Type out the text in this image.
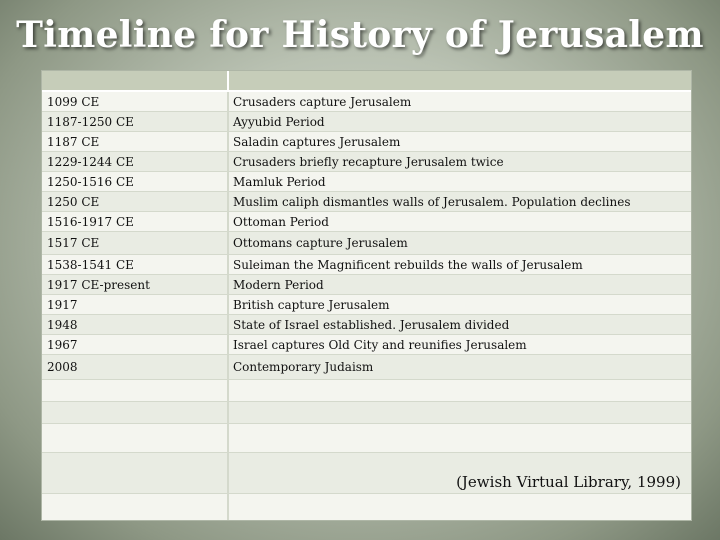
Timeline for History of Jerusalem
1099 CE	Crusaders capture Jerusalem
1187-1250 CE	Ayyubid Period
1187 CE	Saladin captures Jerusalem
1229-1244 CE	Crusaders briefly recapture Jerusalem twice
1250-1516 CE	Mamluk Period
1250 CE	Muslim caliph dismantles walls of Jerusalem. Population declines
1516-1917 CE	Ottoman Period
1517 CE	Ottomans capture Jerusalem
1538-1541 CE	Suleiman the Magnificent rebuilds the walls of Jerusalem
1917 CE-present	Modern Period
1917	British capture Jerusalem
1948	State of Israel established. Jerusalem divided
1967	Israel captures Old City and reunifies Jerusalem
2008	Contemporary Judaism
(Jewish Virtual Library, 1999)
